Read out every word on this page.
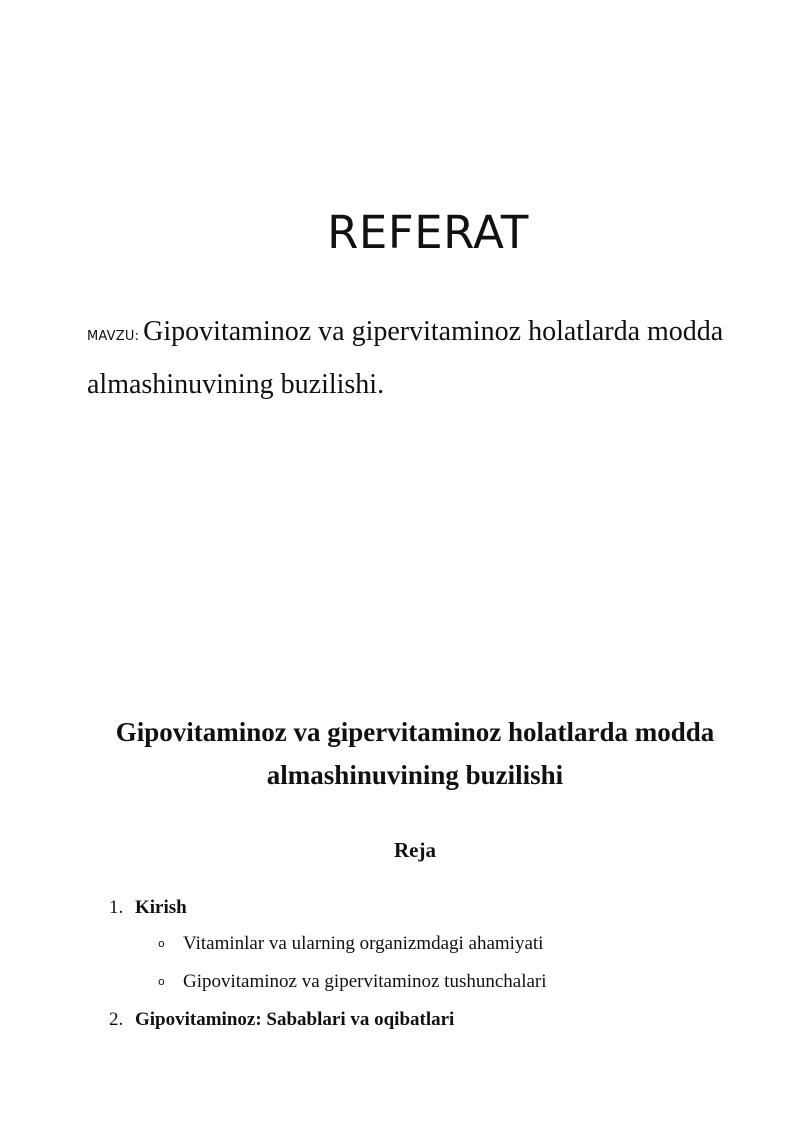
REFERAT

MAVZU: Gipovitaminoz va gipervitaminoz holatlarda modda almashinuvining buzilishi.

Gipovitaminoz va gipervitaminoz holatlarda modda
almashinuvining buzilishi
Reja
1. Kirish
o Vitaminlar va ularning organizmdagi ahamiyati
o Gipovitaminoz va gipervitaminoz tushunchalari
2. Gipovitaminoz: Sabablari va oqibatlari
